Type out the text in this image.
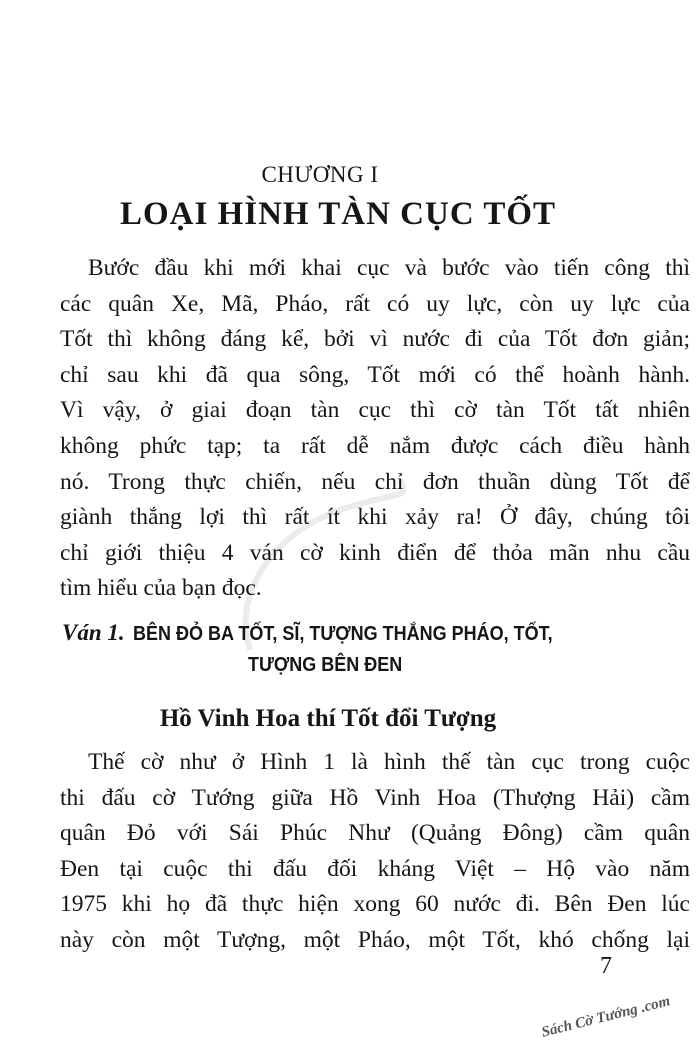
CHƯƠNG I
LOẠI HÌNH TÀN CỤC TỐT
Bước đầu khi mới khai cục và bước vào tiến công thì
các quân Xe, Mã, Pháo, rất có uy lực, còn uy lực của
Tốt thì không đáng kể, bởi vì nước đi của Tốt đơn giản;
chỉ sau khi đã qua sông, Tốt mới có thể hoành hành.
Vì vậy, ở giai đoạn tàn cục thì cờ tàn Tốt tất nhiên
không phức tạp; ta rất dễ nắm được cách điều hành
nó. Trong thực chiến, nếu chỉ đơn thuần dùng Tốt để
giành thắng lợi thì rất ít khi xảy ra! Ở đây, chúng tôi
chỉ giới thiệu 4 ván cờ kinh điển để thỏa mãn nhu cầu
tìm hiểu của bạn đọc.
Ván 1. BÊN ĐỎ BA TỐT, SĨ, TƯỢNG THẮNG PHÁO, TỐT,
TƯỢNG BÊN ĐEN
Hồ Vinh Hoa thí Tốt đổi Tượng
Thế cờ như ở Hình 1 là hình thế tàn cục trong cuộc
thi đấu cờ Tướng giữa Hồ Vinh Hoa (Thượng Hải) cầm
quân Đỏ với Sái Phúc Như (Quảng Đông) cầm quân
Đen tại cuộc thi đấu đối kháng Việt – Hộ vào năm
1975 khi họ đã thực hiện xong 60 nước đi. Bên Đen lúc
này còn một Tượng, một Pháo, một Tốt, khó chống lại
7
Sách Cờ Tướng .com
